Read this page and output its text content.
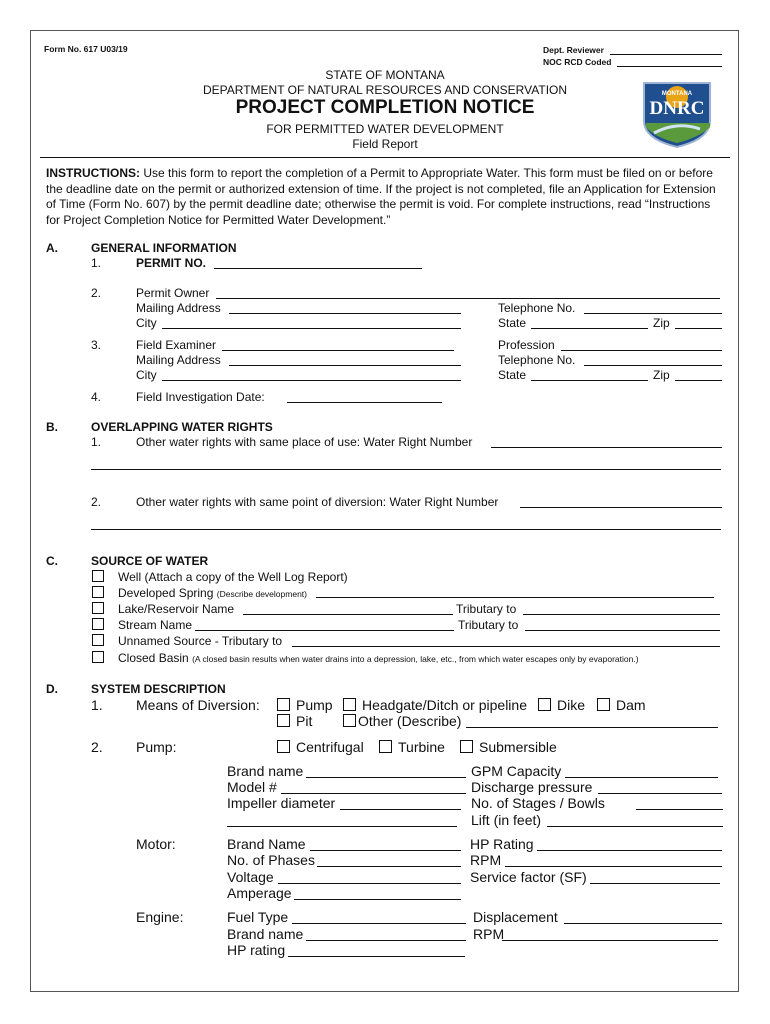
Form No. 617 U03/19	Dept. Reviewer
NOC RCD Coded
STATE OF MONTANA
DEPARTMENT OF NATURAL RESOURCES AND CONSERVATION
PROJECT COMPLETION NOTICE
FOR PERMITTED WATER DEVELOPMENT
Field Report
MONTANA
DNRC
INSTRUCTIONS: Use this form to report the completion of a Permit to Appropriate Water. This form must be filed on or before the deadline date on the permit or authorized extension of time. If the project is not completed, file an Application for Extension of Time (Form No. 607) by the permit deadline date; otherwise the permit is void. For complete instructions, read “Instructions for Project Completion Notice for Permitted Water Development.”
A.	GENERAL INFORMATION
1.	PERMIT NO.
2.	Permit Owner
Mailing Address	Telephone No.
City	State	Zip
3.	Field Examiner	Profession
Mailing Address	Telephone No.
City	State	Zip
4.	Field Investigation Date:
B.	OVERLAPPING WATER RIGHTS
1.	Other water rights with same place of use: Water Right Number
2.	Other water rights with same point of diversion: Water Right Number
C.	SOURCE OF WATER
Well (Attach a copy of the Well Log Report)
Developed Spring (Describe development)
Lake/Reservoir Name	Tributary to
Stream Name	Tributary to
Unnamed Source - Tributary to
Closed Basin (A closed basin results when water drains into a depression, lake, etc., from which water escapes only by evaporation.)
D.	SYSTEM DESCRIPTION
1. Means of Diversion:	Pump Headgate/Ditch or pipeline Dike Dam
Pit	Other (Describe)
2. Pump:	Centrifugal Turbine Submersible
Brand name	GPM Capacity
Model #	Discharge pressure
Impeller diameter	No. of Stages / Bowls
Lift (in feet)
Motor:	Brand Name	HP Rating
No. of Phases	RPM
Voltage	Service factor (SF)
Amperage
Engine:	Fuel Type	Displacement
Brand name	RPM
HP rating
